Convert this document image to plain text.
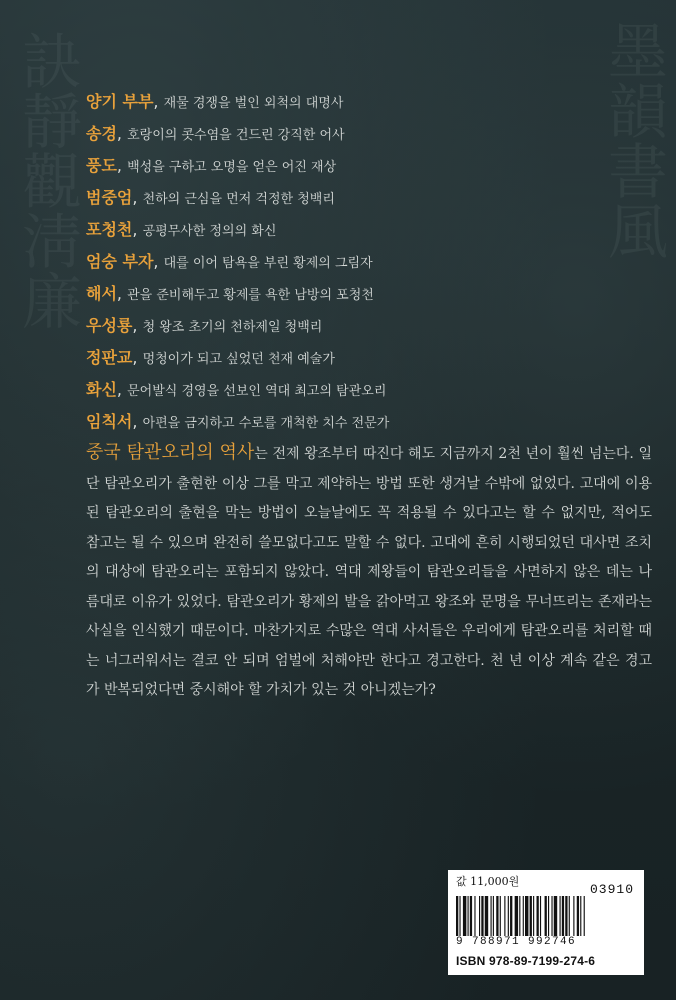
訣靜觀淸廉	墨韻書風
양기 부부, 재물 경쟁을 벌인 외척의 대명사
송경, 호랑이의 콧수염을 건드린 강직한 어사
풍도, 백성을 구하고 오명을 얻은 어진 재상
범중엄, 천하의 근심을 먼저 걱정한 청백리
포청천, 공평무사한 정의의 화신
엄숭 부자, 대를 이어 탐욕을 부린 황제의 그림자
해서, 관을 준비해두고 황제를 욕한 남방의 포청천
우성룡, 청 왕조 초기의 천하제일 청백리
정판교, 멍청이가 되고 싶었던 천재 예술가
화신, 문어발식 경영을 선보인 역대 최고의 탐관오리
임칙서, 아편을 금지하고 수로를 개척한 치수 전문가

중국 탐관오리의 역사는 전제 왕조부터 따진다 해도 지금까지 2천 년이 훨씬 넘는다. 일단 탐관오리가 출현한 이상 그를 막고 제약하는 방법 또한 생겨날 수밖에 없었다. 고대에 이용된 탐관오리의 출현을 막는 방법이 오늘날에도 꼭 적용될 수 있다고는 할 수 없지만, 적어도 참고는 될 수 있으며 완전히 쓸모없다고도 말할 수 없다. 고대에 흔히 시행되었던 대사면 조치의 대상에 탐관오리는 포함되지 않았다. 역대 제왕들이 탐관오리들을 사면하지 않은 데는 나름대로 이유가 있었다. 탐관오리가 황제의 발을 갉아먹고 왕조와 문명을 무너뜨리는 존재라는 사실을 인식했기 때문이다. 마찬가지로 수많은 역대 사서들은 우리에게 탐관오리를 처리할 때는 너그러워서는 결코 안 되며 엄벌에 처해야만 한다고 경고한다. 천 년 이상 계속 같은 경고가 반복되었다면 중시해야 할 가치가 있는 것 아니겠는가?

값 11,000원
03910
9 788971 992746
ISBN 978-89-7199-274-6
